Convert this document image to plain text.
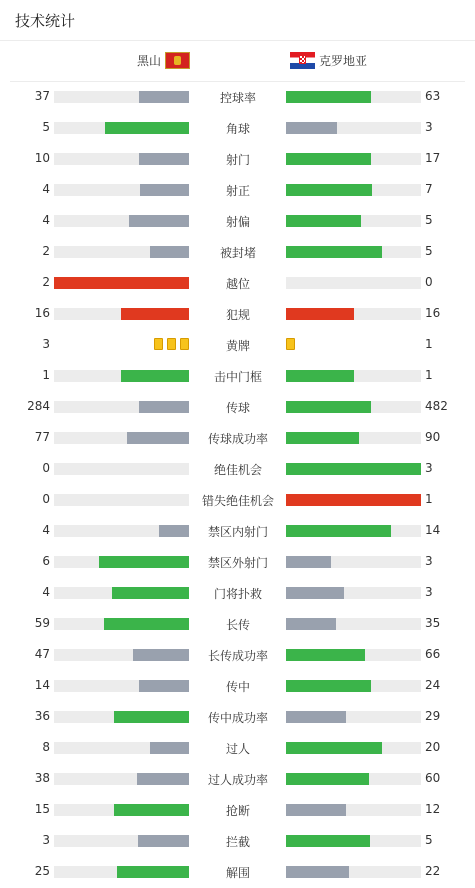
技术统计
黑山	克罗地亚
37	控球率	63
5	角球	3
10	射门	17
4	射正	7
4	射偏	5
2	被封堵	5
2	越位	0
16	犯规	16
3	黄牌	1
1	击中门框	1
284	传球	482
77	传球成功率	90
0	绝佳机会	3
0	错失绝佳机会	1
4	禁区内射门	14
6	禁区外射门	3
4	门将扑救	3
59	长传	35
47	长传成功率	66
14	传中	24
36	传中成功率	29
8	过人	20
38	过人成功率	60
15	抢断	12
3	拦截	5
25	解围	22
